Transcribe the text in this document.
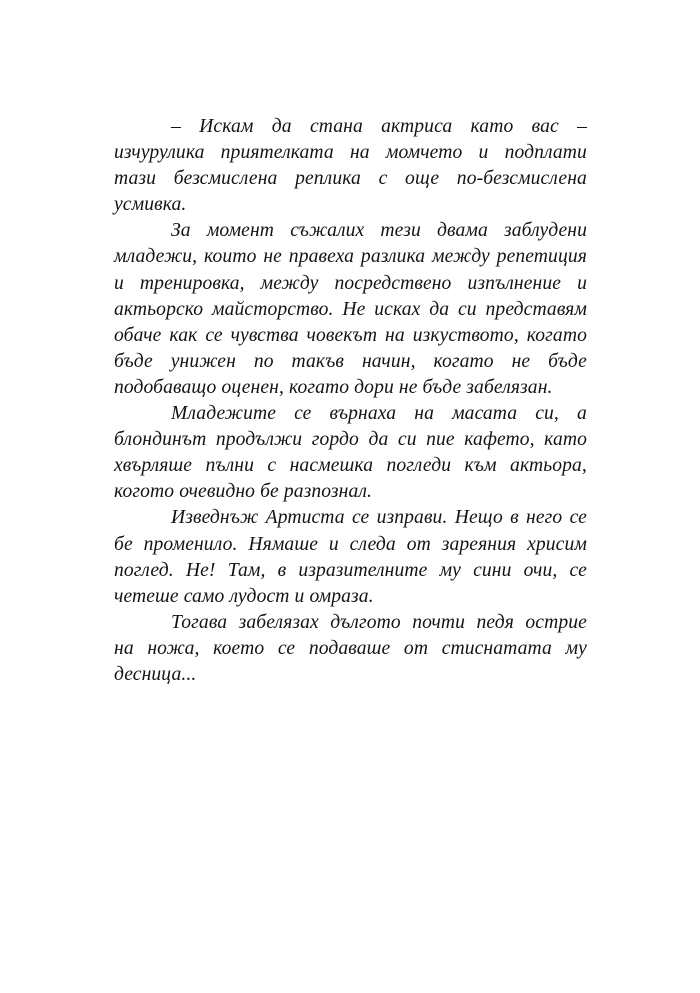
– Искам да стана актриса като вас –
изчурулика приятелката на момчето и подплати
тази безсмислена реплика с още по-безсмислена
усмивка.
За момент съжалих тези двама заблудени
младежи, които не правеха разлика между репетиция
и тренировка, между посредствено изпълнение и
актьорско майсторство. Не исках да си представям
обаче как се чувства човекът на изкуството, когато
бъде унижен по такъв начин, когато не бъде
подобаващо оценен, когато дори не бъде забелязан.
Младежите се върнаха на масата си, а
блондинът продължи гордо да си пие кафето, като
хвърляше пълни с насмешка погледи към актьора,
когото очевидно бе разпознал.
Изведнъж Артиста се изправи. Нещо в него се
бе променило. Нямаше и следа от зареяния хрисим
поглед. Не! Там, в изразителните му сини очи, се
четеше само лудост и омраза.
Тогава забелязах дългото почти педя острие
на ножа, което се подаваше от стиснатата му
десница...
